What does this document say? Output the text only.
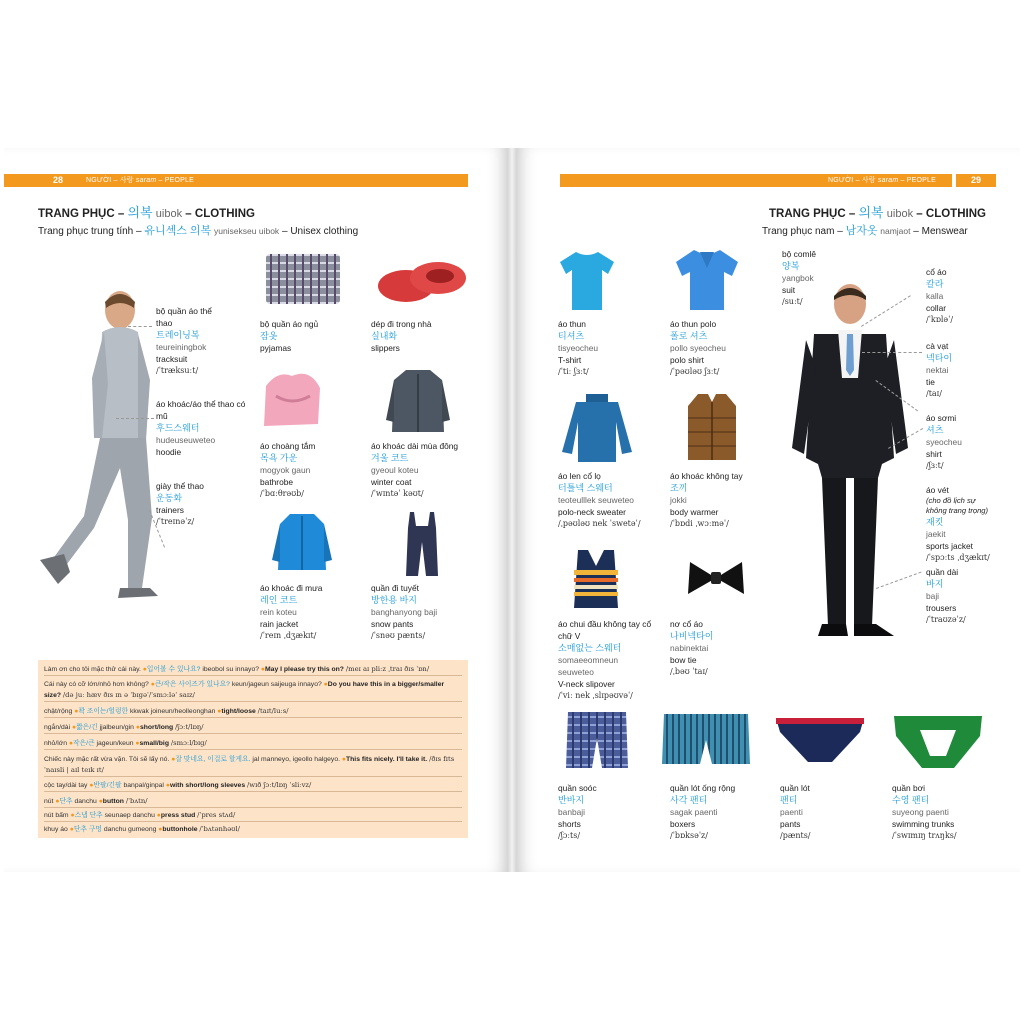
28	NGƯỜI – 사람 saram – PEOPLE
TRANG PHỤC – 의복 uibok – CLOTHING
Trang phục trung tính – 유니섹스 의복 yuniseksеu uibok – Unisex clothing
bộ quần áo thể thao
트레이닝복
teureiningbok
tracksuit
/ˈtræksuːt/
áo khoác/áo thể thao có mũ
후드스웨터
hudeuseuweteo
hoodie
giày thể thao
운동화
trainers
/ˈtreɪnəˈz/
bộ quần áo ngủ
잠옷
pyjamas
dép đi trong nhà
실내화
slippers
áo choàng tắm
목욕 가운
mogyok gaun
bathrobe
/ˈbɑːθrəʊb/
áo khoác dài mùa đông
겨울 코트
gyeoul koteu
winter coat
/ˈwɪntəˈ kəʊt/
áo khoác đi mưa
레인 코트
rein koteu
rain jacket
/ˈreɪn ˌdʒækɪt/
quần đi tuyết
방한용 바지
banghanyong baji
snow pants
/ˈsnəʊ pænts/
Làm ơn cho tôi mặc thử cái này. ●입어볼 수 있나요? ibeobol su innayo? ●May I please try this on? /meɪ aɪ pliːz ˌtraɪ ðɪs ˈɒn/
Cái này có cỡ lớn/nhỏ hơn không? ●큰/작은 사이즈가 있나요? keun/jageun saijeuga innayo? ●Do you have this in a bigger/smaller size? /də juː hæv ðɪs ɪn ə ˈbɪgəˈ/ˈsmɔːləˈ saɪz/
chật/rộng ●꽉 조이는/헐렁한 kkwak joineun/heolleonghan ●tight/loose /taɪt/luːs/
ngắn/dài ●짧은/긴 jjalbeun/gin ●short/long /ʃɔːt/lɒŋ/
nhỏ/lớn ●작은/큰 jageun/keun ●small/big /smɔːl/bɪg/
Chiếc này mặc rất vừa vặn. Tôi sẽ lấy nó. ●잘 맞네요, 이걸로 할게요. jal manneyo, igeollo halgeyo. ●This fits nicely. I'll take it. /ðɪs fɪts ˈnaɪsli | aɪl teɪk ɪt/
cộc tay/dài tay ●반팔/긴팔 banpal/ginpal ●with short/long sleeves /wɪð ʃɔːt/lɒŋ ˈsliːvz/
nút ●단추 danchu ●button /ˈbʌtn/
nút bấm ●스냅 단추 seunaep danchu ●press stud /ˈpres stʌd/
khuy áo ●단추 구멍 danchu gumeong ●buttonhole /ˈbʌtənhəʊl/
29
NGƯỜI – 사람 saram – PEOPLE
TRANG PHỤC – 의복 uibok – CLOTHING
Trang phục nam – 남자옷 namjaot – Menswear
áo thun
티셔츠
tisyeocheu
T-shirt
/ˈtiː ʃɜːt/
áo thun polo
폴로 셔츠
pollo syeocheu
polo shirt
/ˈpəʊləʊ ʃɜːt/
áo len cổ lọ
터틀넥 스웨터
teoteulllek seuweteo
polo-neck sweater
/ˌpəʊləʊ nek ˈswetəˈ/
áo khoác không tay
조끼
jokki
body warmer
/ˈbɒdi ˌwɔːməˈ/
áo chui đầu không tay cổ chữ V
소매없는 스웨터
somaeeomneun seuweteo
V-neck slipover
/ˈviː nek ˌslɪpəʊvəˈ/
nơ cổ áo
나비넥타이
nabinektai
bow tie
/ˌbəʊ ˈtaɪ/
quần soóc
반바지
banbaji
shorts
/ʃɔːts/
quần lót ống rộng
사각 팬티
sagak paenti
boxers
/ˈbɒksəˈz/
quần lót
팬티
paenti
pants
/pænts/
quần bơi
수영 팬티
suyeong paenti
swimming trunks
/ˈswɪmɪŋ trʌŋks/
bộ comlê
양복
yangbok
suit
/suːt/
cổ áo
칼라
kalla
collar
/ˈkɒləˈ/
cà vạt
넥타이
nektai
tie
/taɪ/
áo sơmi
셔츠
syeocheu
shirt
/ʃɜːt/
áo vét
(cho đồ lịch sự không trang trọng)
재킷
jaekit
sports jacket
/ˈspɔːts ˌdʒækɪt/
quần dài
바지
baji
trousers
/ˈtraʊzəˈz/
